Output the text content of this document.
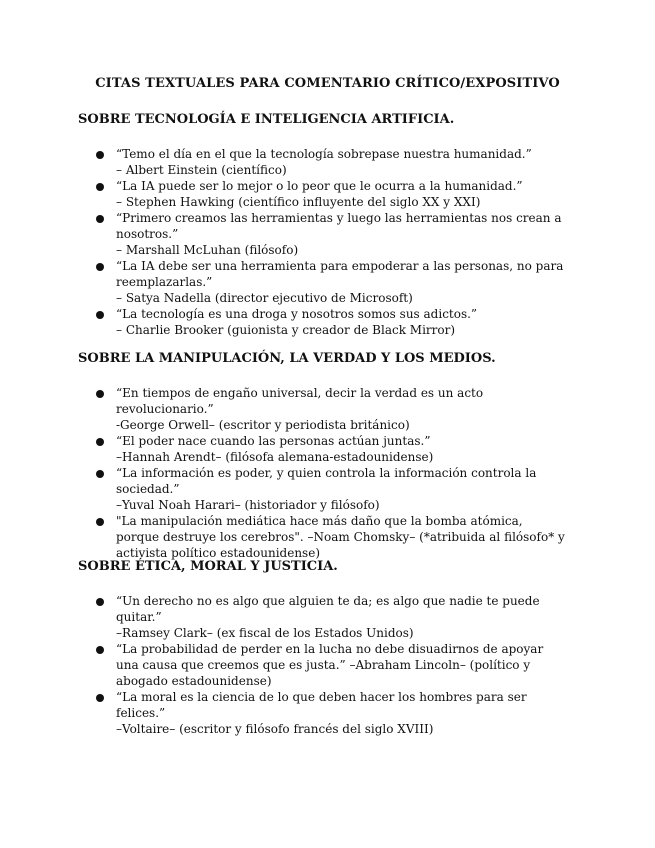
CITAS TEXTUALES PARA COMENTARIO CRÍTICO/EXPOSITIVO
SOBRE TECNOLOGÍA E INTELIGENCIA ARTIFICIA.
“Temo el día en el que la tecnología sobrepase nuestra humanidad.”
– Albert Einstein (científico)
“La IA puede ser lo mejor o lo peor que le ocurra a la humanidad.”
– Stephen Hawking (científico influyente del siglo XX y XXI)
“Primero creamos las herramientas y luego las herramientas nos crean a nosotros.”
– Marshall McLuhan (filósofo)
“La IA debe ser una herramienta para empoderar a las personas, no para reemplazarlas.”
– Satya Nadella (director ejecutivo de Microsoft)
“La tecnología es una droga y nosotros somos sus adictos.”
– Charlie Brooker (guionista y creador de Black Mirror)
SOBRE LA MANIPULACIÓN, LA VERDAD Y LOS MEDIOS.
“En tiempos de engaño universal, decir la verdad es un acto revolucionario.”
-George Orwell– (escritor y periodista británico)
“El poder nace cuando las personas actúan juntas.”
–Hannah Arendt– (filósofa alemana-estadounidense)
“La información es poder, y quien controla la información controla la sociedad.”
–Yuval Noah Harari– (historiador y filósofo)
"La manipulación mediática hace más daño que la bomba atómica, porque destruye los cerebros". –Noam Chomsky– (*atribuida al filósofo* y activista político estadounidense)
SOBRE ÉTICA, MORAL Y JUSTICIA.
“Un derecho no es algo que alguien te da; es algo que nadie te puede quitar.”
–Ramsey Clark– (ex fiscal de los Estados Unidos)
“La probabilidad de perder en la lucha no debe disuadirnos de apoyar una causa que creemos que es justa.” –Abraham Lincoln– (político y abogado estadounidense)
“La moral es la ciencia de lo que deben hacer los hombres para ser felices.”
–Voltaire– (escritor y filósofo francés del siglo XVIII)
